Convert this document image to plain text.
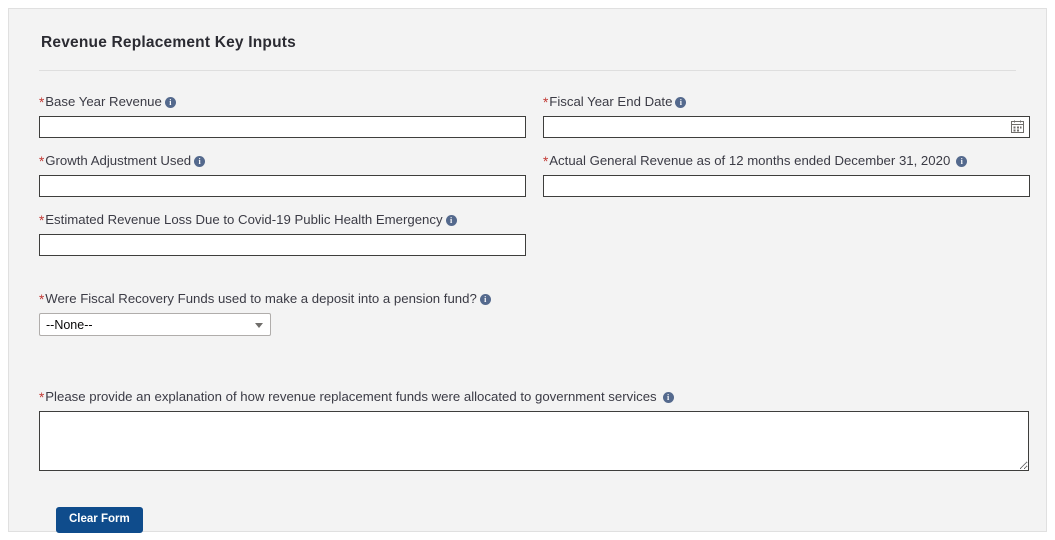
Revenue Replacement Key Inputs
*Base Year Revenue i	*Fiscal Year End Date i
*Growth Adjustment Used i	*Actual General Revenue as of 12 months ended December 31, 2020 i
*Estimated Revenue Loss Due to Covid-19 Public Health Emergency i
*Were Fiscal Recovery Funds used to make a deposit into a pension fund? i
--None--
*Please provide an explanation of how revenue replacement funds were allocated to government services i
Clear Form
